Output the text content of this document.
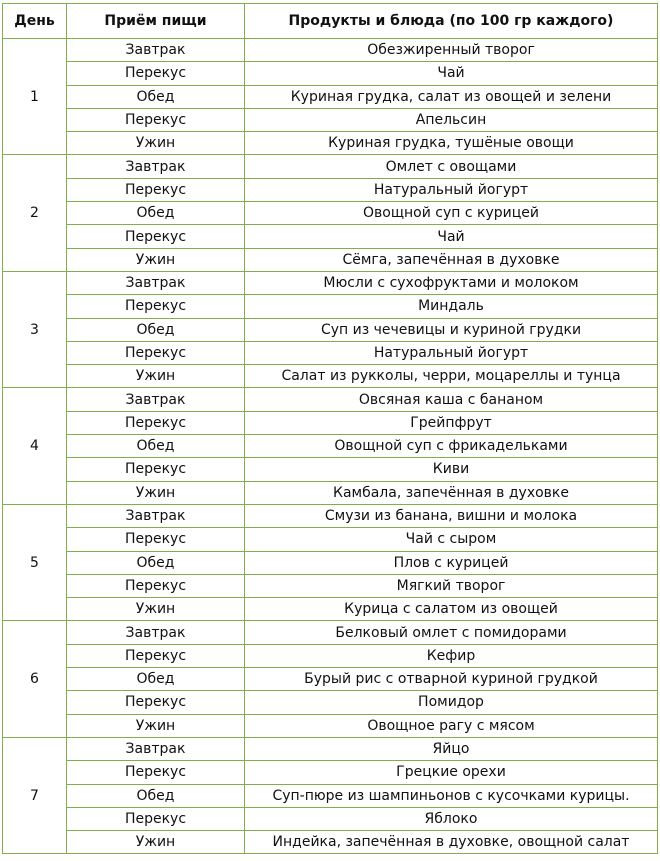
День	Приём пищи	Продукты и блюда (по 100 гр каждого)
1	Завтрак	Обезжиренный творог
	Перекус	Чай
	Обед	Куриная грудка, салат из овощей и зелени
	Перекус	Апельсин
	Ужин	Куриная грудка, тушёные овощи
2	Завтрак	Омлет с овощами
	Перекус	Натуральный йогурт
	Обед	Овощной суп с курицей
	Перекус	Чай
	Ужин	Сёмга, запечённая в духовке
3	Завтрак	Мюсли с сухофруктами и молоком
	Перекус	Миндаль
	Обед	Суп из чечевицы и куриной грудки
	Перекус	Натуральный йогурт
	Ужин	Салат из рукколы, черри, моцареллы и тунца
4	Завтрак	Овсяная каша с бананом
	Перекус	Грейпфрут
	Обед	Овощной суп с фрикадельками
	Перекус	Киви
	Ужин	Камбала, запечённая в духовке
5	Завтрак	Смузи из банана, вишни и молока
	Перекус	Чай с сыром
	Обед	Плов с курицей
	Перекус	Мягкий творог
	Ужин	Курица с салатом из овощей
6	Завтрак	Белковый омлет с помидорами
	Перекус	Кефир
	Обед	Бурый рис с отварной куриной грудкой
	Перекус	Помидор
	Ужин	Овощное рагу с мясом
7	Завтрак	Яйцо
	Перекус	Грецкие орехи
	Обед	Суп-пюре из шампиньонов с кусочками курицы.
	Перекус	Яблоко
	Ужин	Индейка, запечённая в духовке, овощной салат
